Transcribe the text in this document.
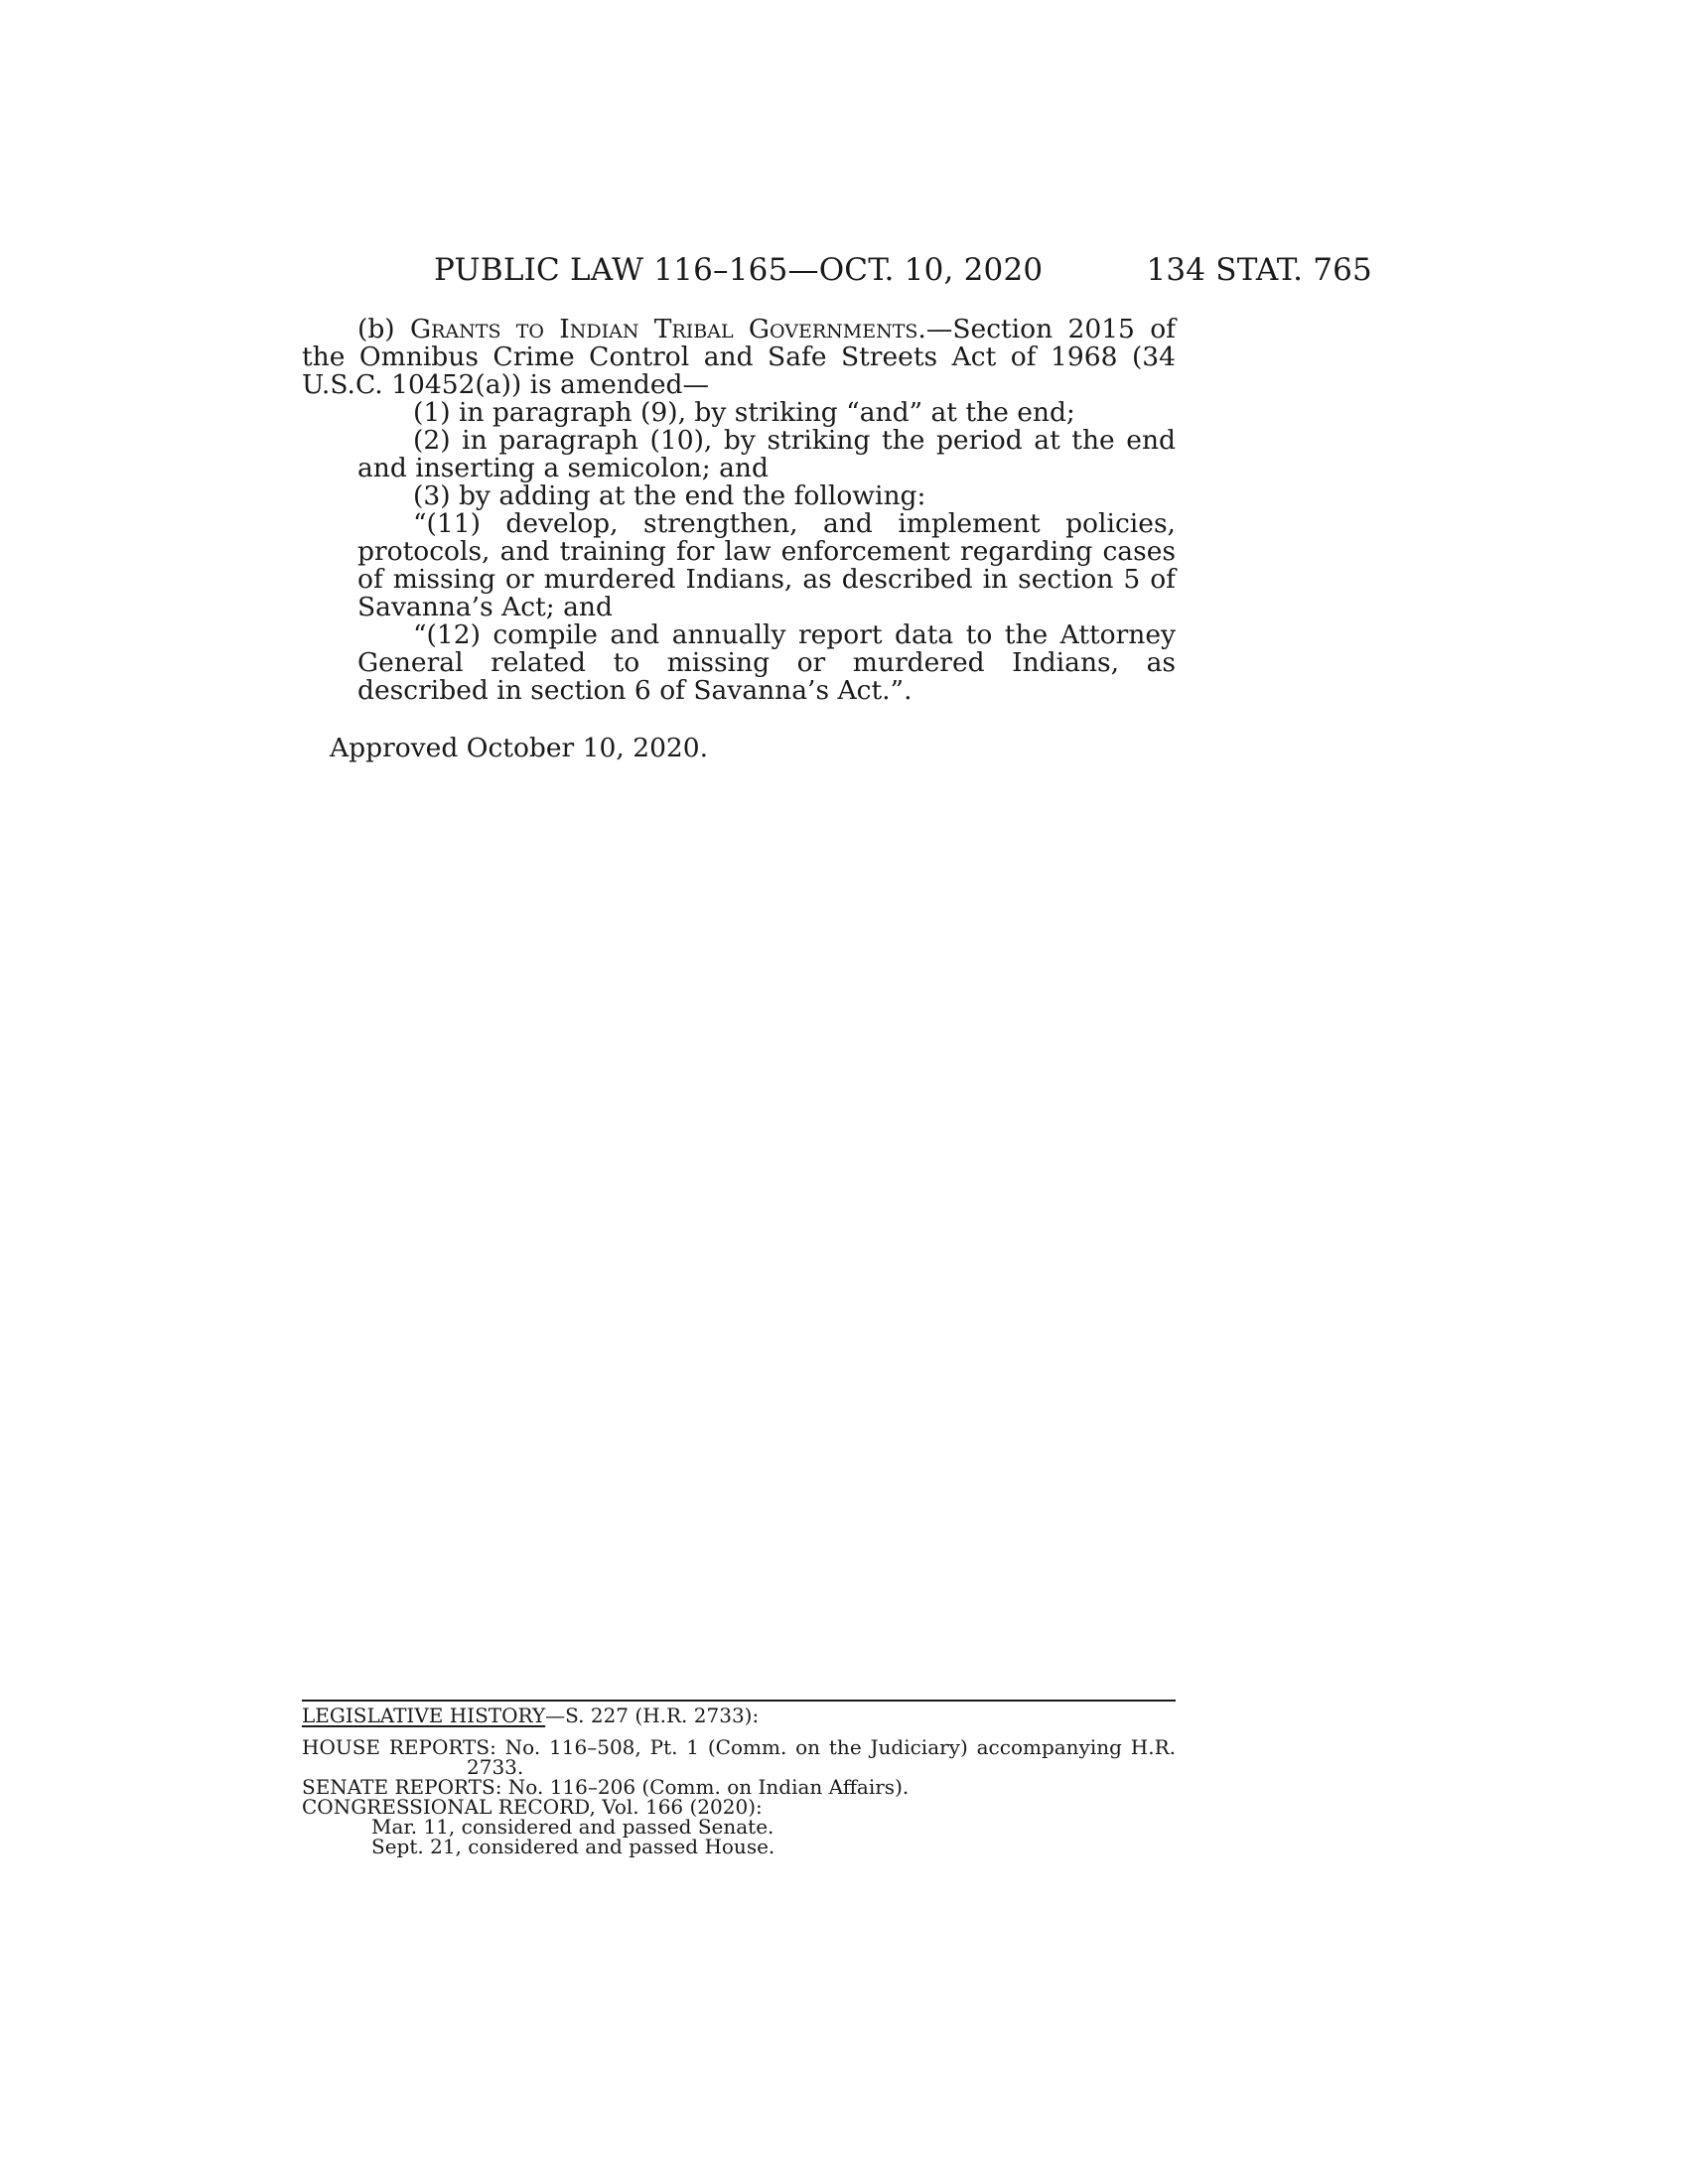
PUBLIC LAW 116–165—OCT. 10, 2020	134 STAT. 765

(b) Grants to Indian Tribal Governments.—Section 2015 of the Omnibus Crime Control and Safe Streets Act of 1968 (34 U.S.C. 10452(a)) is amended—

(1) in paragraph (9), by striking “and” at the end;

(2) in paragraph (10), by striking the period at the end and inserting a semicolon; and

(3) by adding at the end the following:

“(11) develop, strengthen, and implement policies, protocols, and training for law enforcement regarding cases of missing or murdered Indians, as described in section 5 of Savanna’s Act; and

“(12) compile and annually report data to the Attorney General related to missing or murdered Indians, as described in section 6 of Savanna’s Act.”.

Approved October 10, 2020.

LEGISLATIVE HISTORY—S. 227 (H.R. 2733):

HOUSE REPORTS: No. 116–508, Pt. 1 (Comm. on the Judiciary) accompanying H.R. 2733.

SENATE REPORTS: No. 116–206 (Comm. on Indian Affairs).

CONGRESSIONAL RECORD, Vol. 166 (2020):

Mar. 11, considered and passed Senate.

Sept. 21, considered and passed House.
